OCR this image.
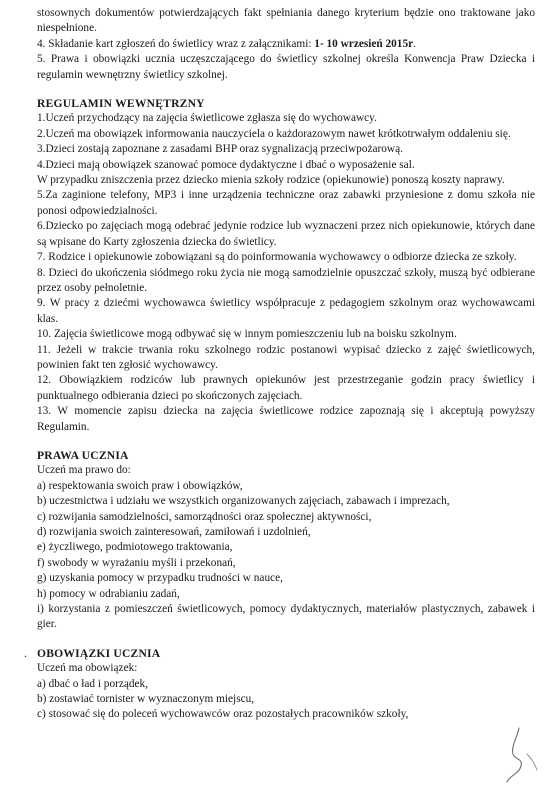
stosownych dokumentów potwierdzających fakt spełniania danego kryterium będzie ono traktowane jako niespełnione.

4. Składanie kart zgłoszeń do świetlicy wraz z załącznikami: 1- 10 wrzesień 2015r.

5. Prawa i obowiązki ucznia uczęszczającego do świetlicy szkolnej określa Konwencja Praw Dziecka i regulamin wewnętrzny świetlicy szkolnej.

REGULAMIN WEWNĘTRZNY

1.Uczeń przychodzący na zajęcia świetlicowe zgłasza się do wychowawcy.

2.Uczeń ma obowiązek informowania nauczyciela o każdorazowym nawet krótkotrwałym oddaleniu się.

3.Dzieci zostają zapoznane z zasadami BHP oraz sygnalizacją przeciwpożarową.

4.Dzieci mają obowiązek szanować pomoce dydaktyczne i dbać o wyposażenie sal.

W przypadku zniszczenia przez dziecko mienia szkoły rodzice (opiekunowie) ponoszą koszty naprawy.

5.Za zaginione telefony, MP3 i inne urządzenia techniczne oraz zabawki przyniesione z domu szkoła nie ponosi odpowiedzialności.

6.Dziecko po zajęciach mogą odebrać jedynie rodzice lub wyznaczeni przez nich opiekunowie, których dane są wpisane do Karty zgłoszenia dziecka do świetlicy.

7. Rodzice i opiekunowie zobowiązani są do poinformowania wychowawcy o odbiorze dziecka ze szkoły.

8. Dzieci do ukończenia siódmego roku życia nie mogą samodzielnie opuszczać szkoły, muszą być odbierane przez osoby pełnoletnie.

9. W pracy z dziećmi wychowawca świetlicy współpracuje z pedagogiem szkolnym oraz wychowawcami klas.

10. Zajęcia świetlicowe mogą odbywać się w innym pomieszczeniu lub na boisku szkolnym.

11. Jeżeli w trakcie trwania roku szkolnego rodzic postanowi wypisać dziecko z zajęć świetlicowych, powinien fakt ten zgłosić wychowawcy.

12. Obowiązkiem rodziców lub prawnych opiekunów jest przestrzeganie godzin pracy świetlicy i punktualnego odbierania dzieci po skończonych zajęciach.

13. W momencie zapisu dziecka na zajęcia świetlicowe rodzice zapoznają się i akceptują powyższy Regulamin.

PRAWA UCZNIA

Uczeń ma prawo do:

a) respektowania swoich praw i obowiązków,

b) uczestnictwa i udziału we wszystkich organizowanych zajęciach, zabawach i imprezach,

c) rozwijania samodzielności, samorządności oraz społecznej aktywności,

d) rozwijania swoich zainteresowań, zamiłowań i uzdolnień,

e) życzliwego, podmiotowego traktowania,

f) swobody w wyrażaniu myśli i przekonań,

g) uzyskania pomocy w przypadku trudności w nauce,

h) pomocy w odrabianiu zadań,

i) korzystania z pomieszczeń świetlicowych, pomocy dydaktycznych, materiałów plastycznych, zabawek i gier.

OBOWIĄZKI UCZNIA

Uczeń ma obowiązek:

a) dbać o ład i porządek,

b) zostawiać tornister w wyznaczonym miejscu,

c) stosować się do poleceń wychowawców oraz pozostałych pracowników szkoły,

.
